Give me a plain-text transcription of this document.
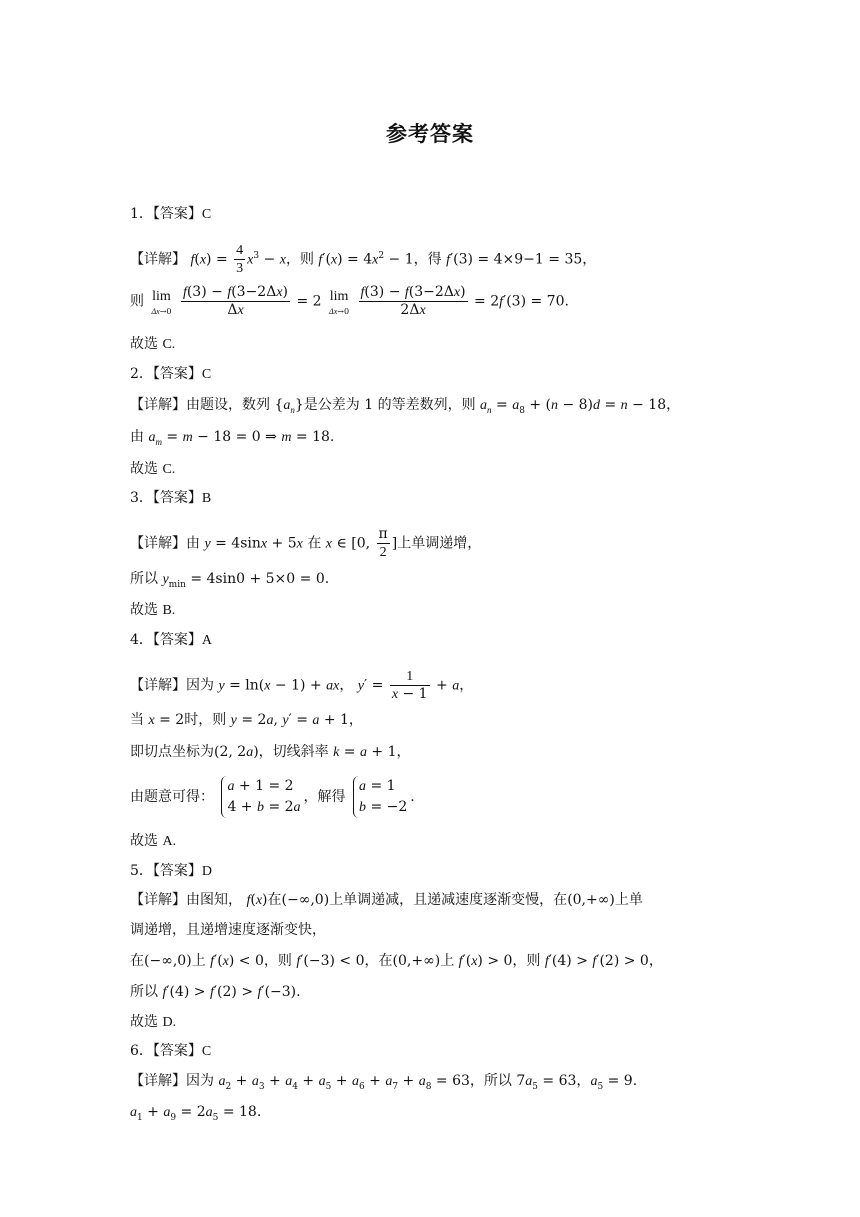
参考答案
1．【答案】C
【详解】 $f(x) = \frac{4}{3} x^3 - x$，则 $f'(x) = 4x^2 - 1$，得 f′(3) = 4×9−1 = 35，
则 lim
Δx→0
$\frac{f(3) - f(3-2\Delta x)}{\Delta x} = 2$ lim
Δx→0
$\frac{f(3) - f(3-2\Delta x)}{2\Delta x} = 2f'(3) = 70$.
故选 C.
2．【答案】C
【详解】由题设，数列 $\{a_n\}$是公差为 1 的等差数列，则 $a_n = a_8 + (n - 8)d = n - 18$，
由 $a_m = m - 18 = 0$ ⇒ m = 18.
故选 C.
3．【答案】B
【详解】由 y = 4sinx + 5x 在 x ∈ [0, $\frac{\pi}{2}$ ]上单调递增，
所以 $y_{min} = 4\sin 0 + 5\times 0 = 0$.
故选 B.
4．【答案】A
【详解】因为 y = ln(x − 1) + ax， $y' = \frac{1}{x - 1} + a$，
当 x = 2时，则 y = 2a, y′ = a + 1，
即切点坐标为(2, 2a)，切线斜率 k = a + 1，
由题意可得：
a + 1 = 2
4 + b = 2a
，解得
a = 1
b = −2
.
故选 A.
5．【答案】D
【详解】由图知， f(x)在(−∞,0)上单调递减，且递减速度逐渐变慢，在(0,+∞)上单
调递增，且递增速度逐渐变快，
在(−∞,0)上 f′(x) < 0，则 f′(−3) < 0，在(0,+∞)上 f′(x) > 0，则 f′(4) > f′(2) > 0，
所以 f′(4) > f′(2) > f′(−3).
故选 D.
6．【答案】C
【详解】因为 $a_2 + a_3 + a_4 + a_5 + a_6 + a_7 + a_8 = 63$，所以 $7a_5 = 63$，$a_5 = 9$.
$a_1 + a_9 = 2a_5 = 18$.
